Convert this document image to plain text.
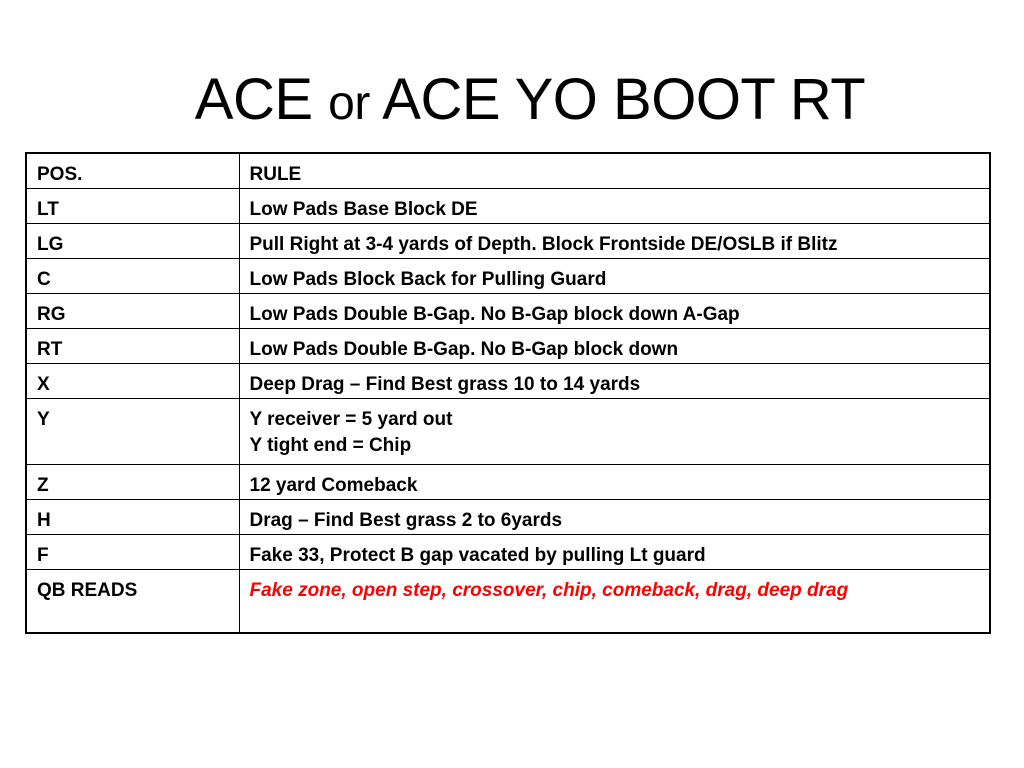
ACE or ACE YO BOOT RT
POS.	RULE
LT	Low Pads Base Block DE
LG	Pull Right at 3-4 yards of Depth. Block Frontside DE/OSLB if Blitz
C	Low Pads Block Back for Pulling Guard
RG	Low Pads Double B-Gap. No B-Gap block down A-Gap
RT	Low Pads Double B-Gap. No B-Gap block down
X	Deep Drag – Find Best grass 10 to 14 yards
Y	Y receiver = 5 yard out
Y tight end = Chip

Z	12 yard Comeback
H	Drag – Find Best grass 2 to 6yards
F	Fake 33, Protect B gap vacated by pulling Lt guard
QB READS	Fake zone, open step, crossover, chip, comeback, drag, deep drag
